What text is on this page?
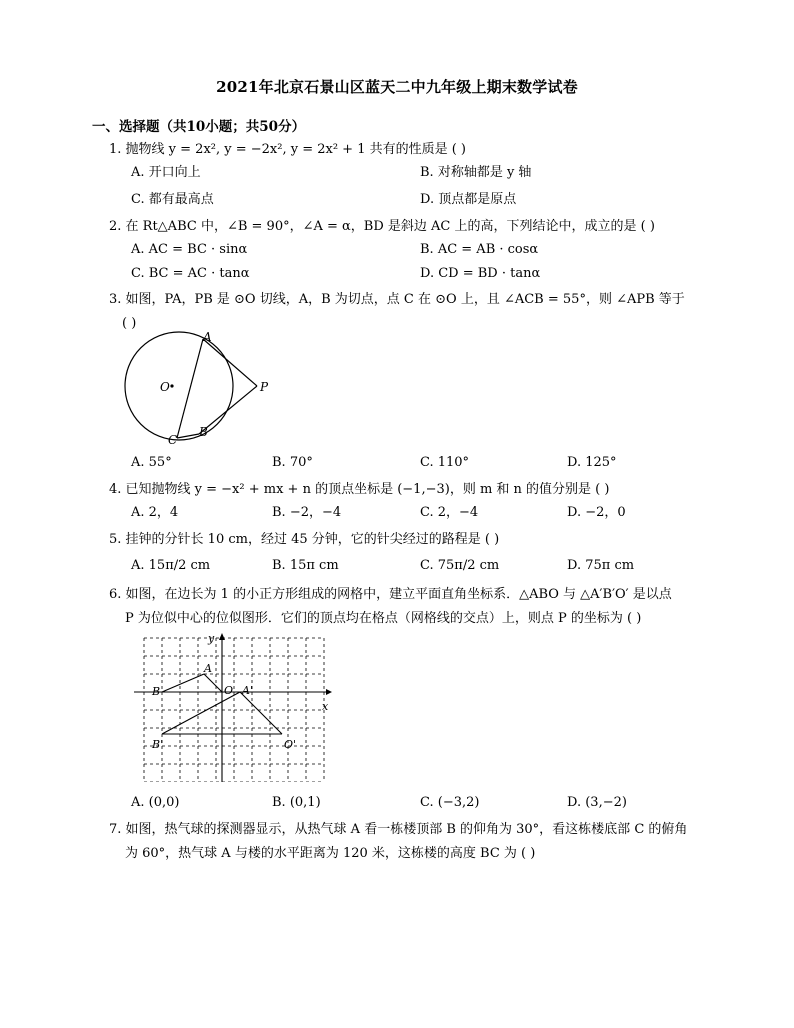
2021年北京石景山区蓝天二中九年级上期末数学试卷
一、选择题（共10小题；共50分）
1. 抛物线 y = 2x², y = −2x², y = 2x² + 1 共有的性质是 ( )
A. 开口向上	B. 对称轴都是 y 轴
C. 都有最高点	D. 顶点都是原点
2. 在 Rt△ABC 中，∠B = 90°，∠A = α，BD 是斜边 AC 上的高，下列结论中，成立的是 ( )
A. AC = BC · sinα	B. AC = AB · cosα
C. BC = AC · tanα	D. CD = BD · tanα
3. 如图，PA，PB 是 ⊙O 切线，A，B 为切点，点 C 在 ⊙O 上，且 ∠ACB = 55°，则 ∠APB 等于
( )
A
O	P
B
C
A. 55°	B. 70°	C. 110°	D. 125°
4. 已知抛物线 y = −x² + mx + n 的顶点坐标是 (−1,−3)，则 m 和 n 的值分别是 ( )
A. 2，4	B. −2，−4	C. 2，−4	D. −2，0
5. 挂钟的分针长 10 cm，经过 45 分钟，它的针尖经过的路程是 ( )
A. 15π/2 cm	B. 15π cm	C. 75π/2 cm	D. 75π cm
6. 如图，在边长为 1 的小正方形组成的网格中，建立平面直角坐标系．△ABO 与 △A′B′O′ 是以点
P 为位似中心的位似图形．它们的顶点均在格点（网格线的交点）上，则点 P 的坐标为 ( )
y
x
A
B	O A'
B'	O'
A. (0,0)	B. (0,1)	C. (−3,2)	D. (3,−2)
7. 如图，热气球的探测器显示，从热气球 A 看一栋楼顶部 B 的仰角为 30°，看这栋楼底部 C 的俯角
为 60°，热气球 A 与楼的水平距离为 120 米，这栋楼的高度 BC 为 ( )
